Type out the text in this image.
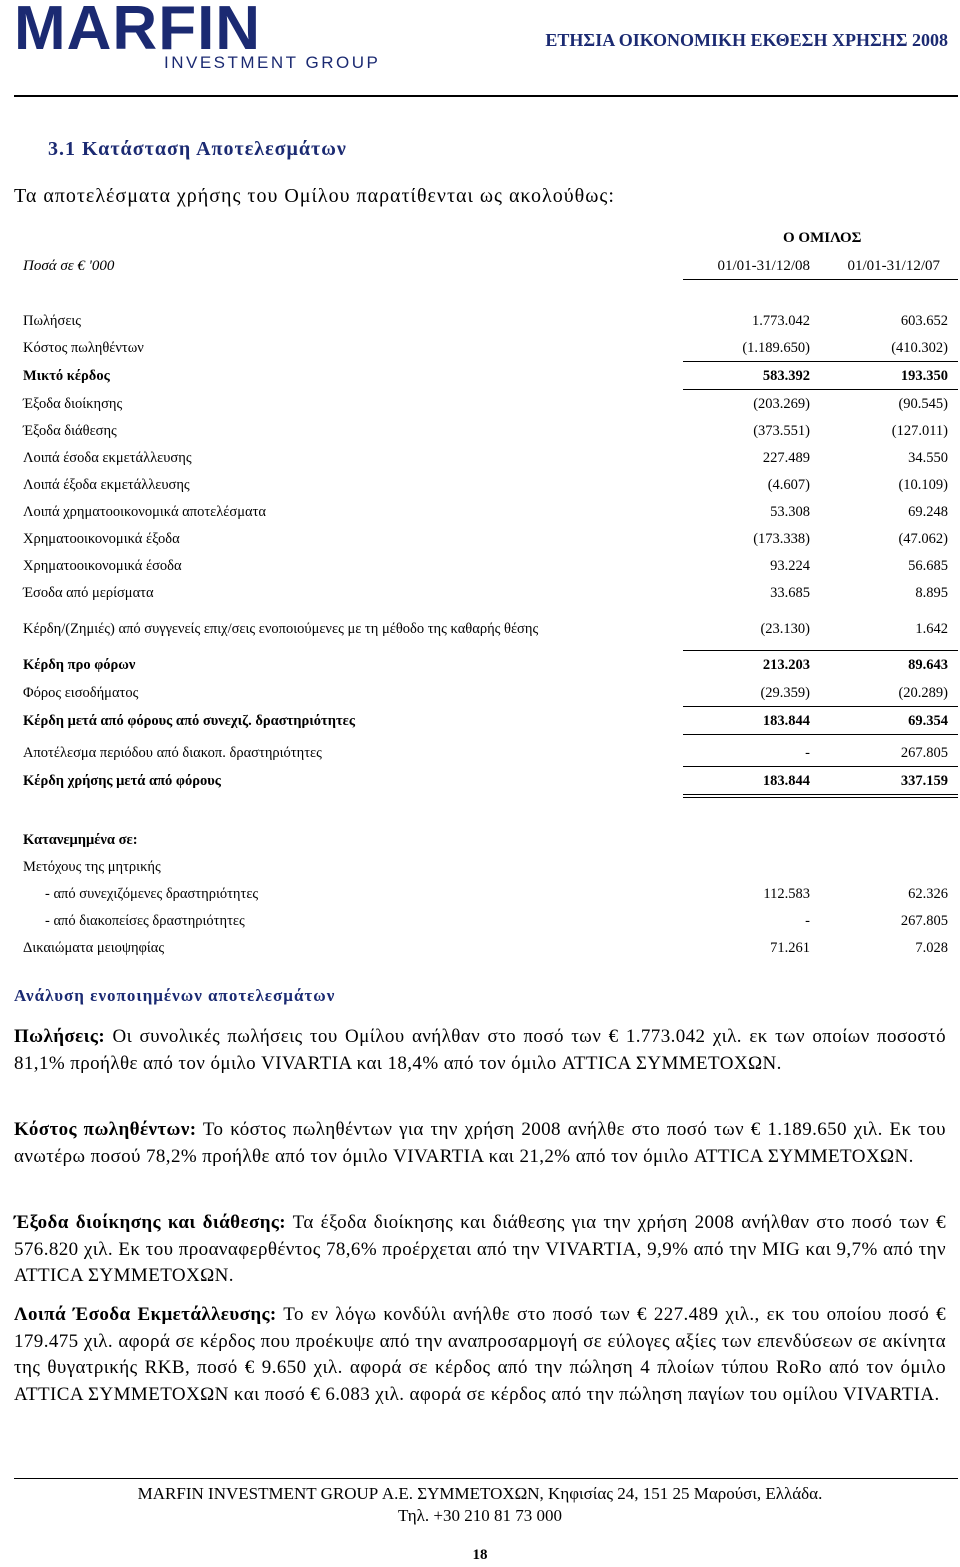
MARFIN
INVESTMENT GROUP
ΕΤΗΣΙΑ ΟΙΚΟΝΟΜΙΚΗ ΕΚΘΕΣΗ ΧΡΗΣΗΣ 2008
3.1 Κατάσταση Αποτελεσμάτων
Τα αποτελέσματα χρήσης του Ομίλου παρατίθενται ως ακολούθως:
Ο ΟΜΙΛΟΣ
Ποσά σε € '000	01/01-31/12/08	01/01-31/12/07
Πωλήσεις	1.773.042	603.652
Κόστος πωληθέντων	(1.189.650)	(410.302)
Μικτό κέρδος	583.392	193.350
Έξοδα διοίκησης	(203.269)	(90.545)
Έξοδα διάθεσης	(373.551)	(127.011)
Λοιπά έσοδα εκμετάλλευσης	227.489	34.550
Λοιπά έξοδα εκμετάλλευσης	(4.607)	(10.109)
Λοιπά χρηματοοικονομικά αποτελέσματα	53.308	69.248
Χρηματοοικονομικά έξοδα	(173.338)	(47.062)
Χρηματοοικονομικά έσοδα	93.224	56.685
Έσοδα από μερίσματα	33.685	8.895
Κέρδη/(Ζημιές) από συγγενείς επιχ/σεις ενοποιούμενες με τη μέθοδο της καθαρής θέσης	(23.130)	1.642
Κέρδη προ φόρων	213.203	89.643
Φόρος εισοδήματος	(29.359)	(20.289)
Κέρδη μετά από φόρους από συνεχιζ. δραστηριότητες	183.844	69.354
Αποτέλεσμα περιόδου από διακοπ. δραστηριότητες	-	267.805
Κέρδη χρήσης μετά από φόρους	183.844	337.159
Κατανεμημένα σε:
Μετόχους της μητρικής
- από συνεχιζόμενες δραστηριότητες	112.583	62.326
- από διακοπείσες δραστηριότητες	-	267.805
Δικαιώματα μειοψηφίας	71.261	7.028
Ανάλυση ενοποιημένων αποτελεσμάτων
Πωλήσεις: Οι συνολικές πωλήσεις του Ομίλου ανήλθαν στο ποσό των € 1.773.042 χιλ. εκ των οποίων ποσοστό 81,1% προήλθε από τον όμιλο VIVARTIA και 18,4% από τον όμιλο ATTICA ΣΥΜΜΕΤΟΧΩΝ.
Κόστος πωληθέντων: Το κόστος πωληθέντων για την χρήση 2008 ανήλθε στο ποσό των € 1.189.650 χιλ. Εκ του ανωτέρω ποσού 78,2% προήλθε από τον όμιλο VIVARTIA και 21,2% από τον όμιλο ATTICA ΣΥΜΜΕΤΟΧΩΝ.
Έξοδα διοίκησης και διάθεσης: Τα έξοδα διοίκησης και διάθεσης για την χρήση 2008 ανήλθαν στο ποσό των € 576.820 χιλ. Εκ του προαναφερθέντος 78,6% προέρχεται από την VIVARTIA, 9,9% από την MIG και 9,7% από την ATTICA ΣΥΜΜΕΤΟΧΩΝ.
Λοιπά Έσοδα Εκμετάλλευσης: Το εν λόγω κονδύλι ανήλθε στο ποσό των € 227.489 χιλ., εκ του οποίου ποσό € 179.475 χιλ. αφορά σε κέρδος που προέκυψε από την αναπροσαρμογή σε εύλογες αξίες των επενδύσεων σε ακίνητα της θυγατρικής RKB, ποσό € 9.650 χιλ. αφορά σε κέρδος από την πώληση 4 πλοίων τύπου RoRo από τον όμιλο ATTICA ΣΥΜΜΕΤΟΧΩΝ και ποσό € 6.083 χιλ. αφορά σε κέρδος από την πώληση παγίων του ομίλου VIVARTIA.
MARFIN INVESTMENT GROUP Α.Ε. ΣΥΜΜΕΤΟΧΩΝ, Κηφισίας 24, 151 25 Μαρούσι, Ελλάδα.
Τηλ. +30 210 81 73 000
18
